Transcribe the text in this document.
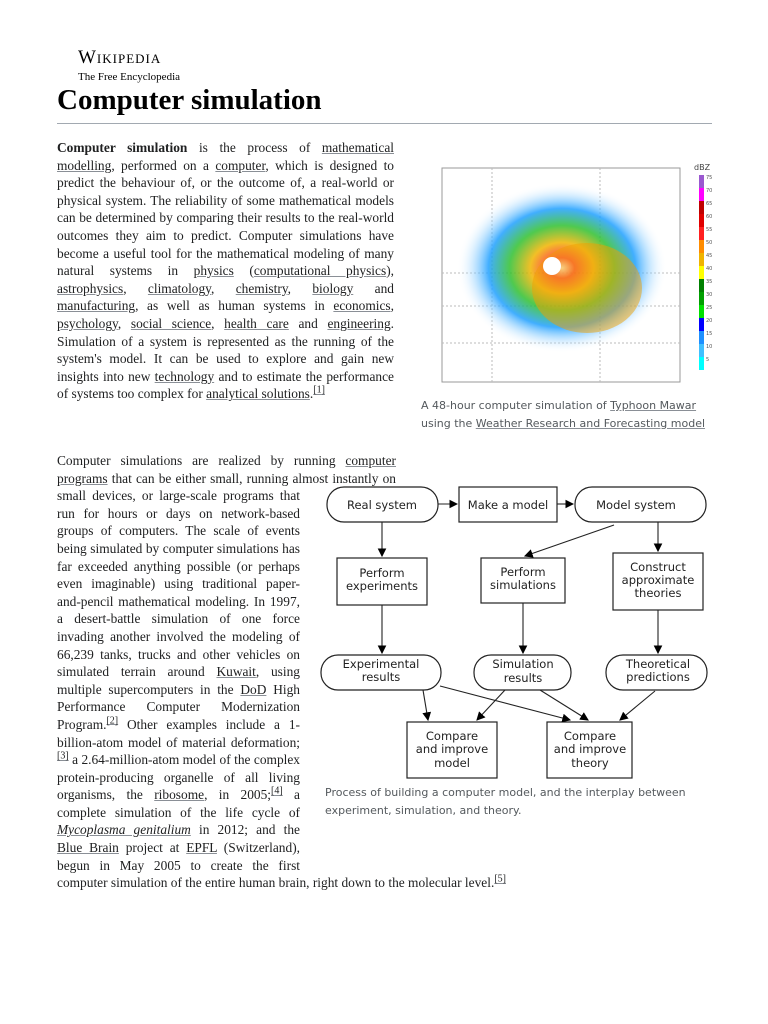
Wikipedia
The Free Encyclopedia
Computer simulation
Computer simulation is the process of mathematical modelling, performed on a computer, which is designed to predict the behaviour of, or the outcome of, a real-world or physical system. The reliability of some mathematical models can be determined by comparing their results to the real-world outcomes they aim to predict. Computer simulations have become a useful tool for the mathematical modeling of many natural systems in physics (computational physics), astrophysics, climatology, chemistry, biology and manufacturing, as well as human systems in economics, psychology, social science, health care and engineering. Simulation of a system is represented as the running of the system's model. It can be used to explore and gain new insights into new technology and to estimate the performance of systems too complex for analytical solutions.[1]
dBZ
75
70
65
60
55
50
45
40
35
30
25
20
15
10
5
A 48-hour computer simulation of Typhoon Mawar using the Weather Research and Forecasting model
Computer simulations are realized by running computer programs that can be either small, running almost instantly on small devices, or large-scale programs that run for hours or days on network-based groups of computers. The scale of events being simulated by computer simulations has far exceeded anything possible (or perhaps even imaginable) using traditional paper-and-pencil mathematical modeling. In 1997, a desert-battle simulation of one force invading another involved the modeling of 66,239 tanks, trucks and other vehicles on simulated terrain around Kuwait, using multiple supercomputers in the DoD High Performance Computer Modernization Program.[2] Other examples include a 1-billion-atom model of material deformation;[3] a 2.64-million-atom model of the complex protein-producing organelle of all living organisms, the ribosome, in 2005;[4] a complete simulation of the life cycle of Mycoplasma genitalium in 2012; and the Blue Brain project at EPFL (Switzerland), begun in May 2005 to create the first computer simulation of the entire human brain, right down to the molecular level.[5]
Real system	Make a model	Model system
Perform
experiments
Perform
simulations
Construct
approximate
theories
Experimental
results
Simulation
results
Theoretical
predictions
Compare
and improve
model
Compare
and improve
theory
Process of building a computer model, and the interplay between experiment, simulation, and theory.
